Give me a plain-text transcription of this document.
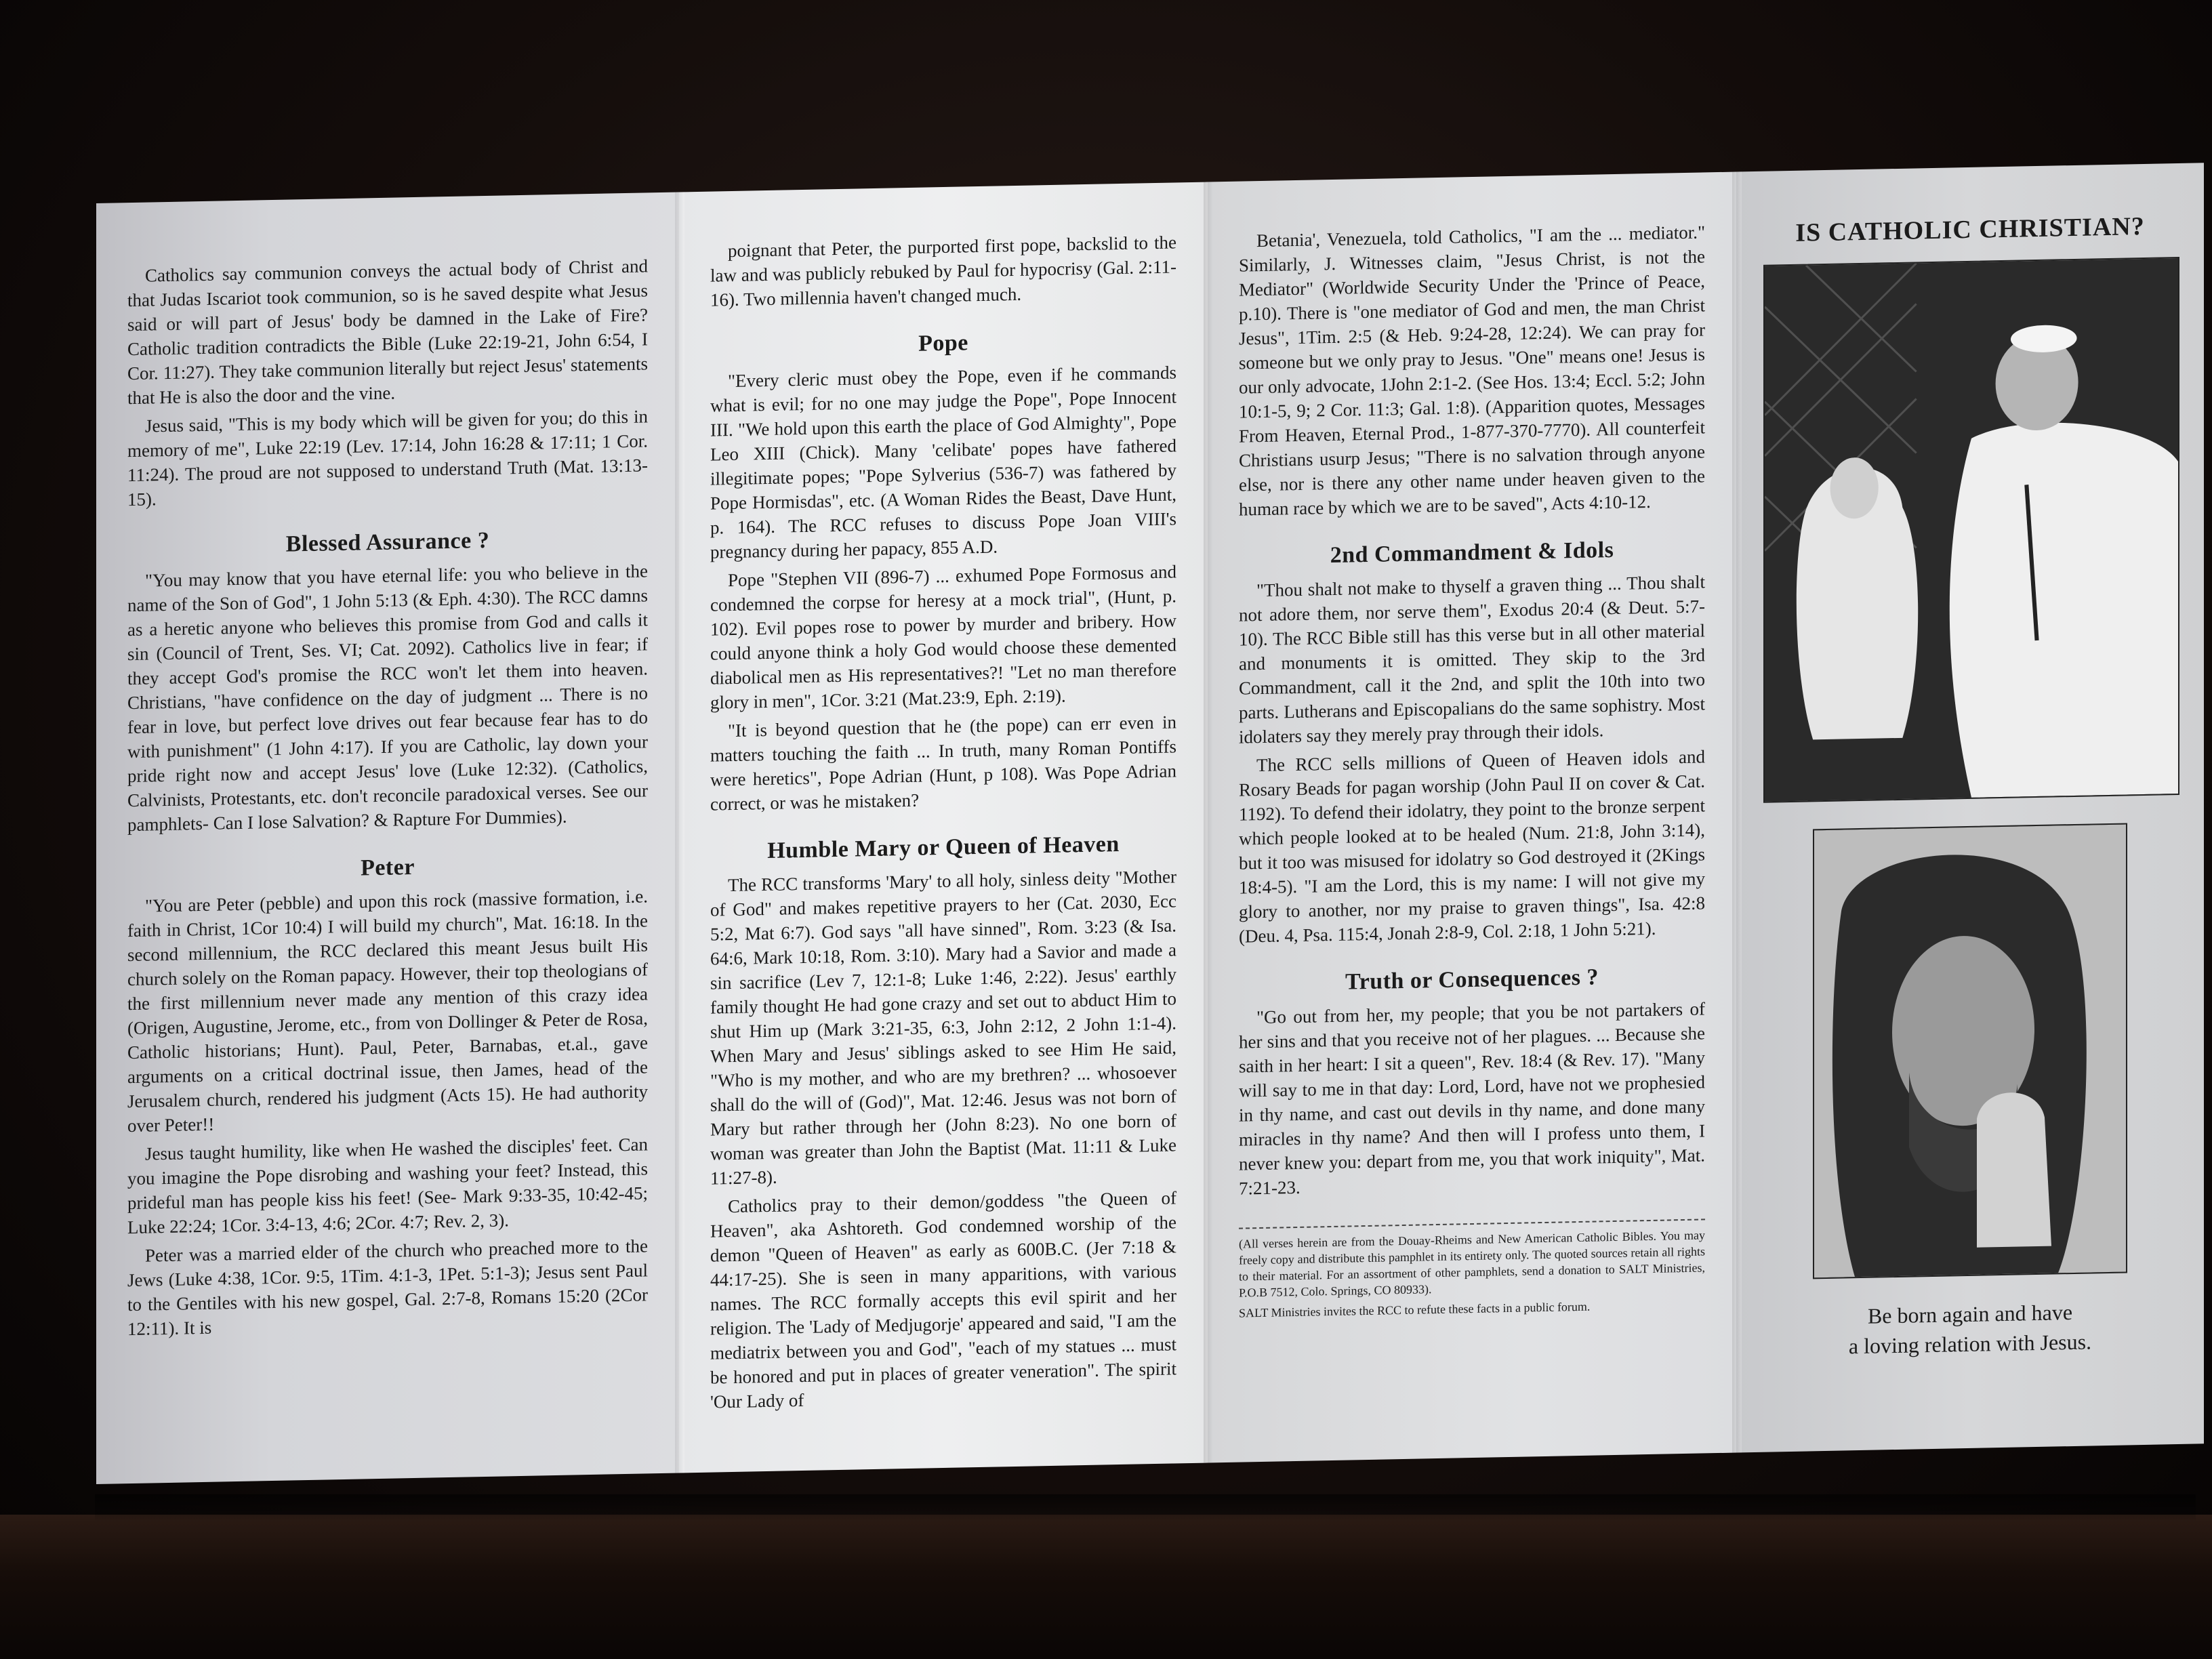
Catholics say communion conveys the actual body of Christ and that Judas Iscariot took communion, so is he saved despite what Jesus said or will part of Jesus' body be damned in the Lake of Fire? Catholic tradition contradicts the Bible (Luke 22:19-21, John 6:54, I Cor. 11:27). They take communion literally but reject Jesus' statements that He is also the door and the vine.

Jesus said, "This is my body which will be given for you; do this in memory of me", Luke 22:19 (Lev. 17:14, John 16:28 & 17:11; 1 Cor. 11:24). The proud are not supposed to understand Truth (Mat. 13:13-15).

Blessed Assurance ?

"You may know that you have eternal life: you who believe in the name of the Son of God", 1 John 5:13 (& Eph. 4:30). The RCC damns as a heretic anyone who believes this promise from God and calls it sin (Council of Trent, Ses. VI; Cat. 2092). Catholics live in fear; if they accept God's promise the RCC won't let them into heaven. Christians, "have confidence on the day of judgment ... There is no fear in love, but perfect love drives out fear because fear has to do with punishment" (1 John 4:17). If you are Catholic, lay down your pride right now and accept Jesus' love (Luke 12:32). (Catholics, Calvinists, Protestants, etc. don't reconcile paradoxical verses. See our pamphlets- Can I lose Salvation? & Rapture For Dummies).

Peter

"You are Peter (pebble) and upon this rock (massive formation, i.e. faith in Christ, 1Cor 10:4) I will build my church", Mat. 16:18. In the second millennium, the RCC declared this meant Jesus built His church solely on the Roman papacy. However, their top theologians of the first millennium never made any mention of this crazy idea (Origen, Augustine, Jerome, etc., from von Dollinger & Peter de Rosa, Catholic historians; Hunt). Paul, Peter, Barnabas, et.al., gave arguments on a critical doctrinal issue, then James, head of the Jerusalem church, rendered his judgment (Acts 15). He had authority over Peter!!

Jesus taught humility, like when He washed the disciples' feet. Can you imagine the Pope disrobing and washing your feet? Instead, this prideful man has people kiss his feet! (See- Mark 9:33-35, 10:42-45; Luke 22:24; 1Cor. 3:4-13, 4:6; 2Cor. 4:7; Rev. 2, 3).

Peter was a married elder of the church who preached more to the Jews (Luke 4:38, 1Cor. 9:5, 1Tim. 4:1-3, 1Pet. 5:1-3); Jesus sent Paul to the Gentiles with his new gospel, Gal. 2:7-8, Romans 15:20 (2Cor 12:11). It is

poignant that Peter, the purported first pope, backslid to the law and was publicly rebuked by Paul for hypocrisy (Gal. 2:11-16). Two millennia haven't changed much.

Pope

"Every cleric must obey the Pope, even if he commands what is evil; for no one may judge the Pope", Pope Innocent III. "We hold upon this earth the place of God Almighty", Pope Leo XIII (Chick). Many 'celibate' popes have fathered illegitimate popes; "Pope Sylverius (536-7) was fathered by Pope Hormisdas", etc. (A Woman Rides the Beast, Dave Hunt, p. 164). The RCC refuses to discuss Pope Joan VIII's pregnancy during her papacy, 855 A.D.

Pope "Stephen VII (896-7) ... exhumed Pope Formosus and condemned the corpse for heresy at a mock trial", (Hunt, p. 102). Evil popes rose to power by murder and bribery. How could anyone think a holy God would choose these demented diabolical men as His representatives?! "Let no man therefore glory in men", 1Cor. 3:21 (Mat.23:9, Eph. 2:19).

"It is beyond question that he (the pope) can err even in matters touching the faith ... In truth, many Roman Pontiffs were heretics", Pope Adrian (Hunt, p 108). Was Pope Adrian correct, or was he mistaken?

Humble Mary or Queen of Heaven

The RCC transforms 'Mary' to all holy, sinless deity "Mother of God" and makes repetitive prayers to her (Cat. 2030, Ecc 5:2, Mat 6:7). God says "all have sinned", Rom. 3:23 (& Isa. 64:6, Mark 10:18, Rom. 3:10). Mary had a Savior and made a sin sacrifice (Lev 7, 12:1-8; Luke 1:46, 2:22). Jesus' earthly family thought He had gone crazy and set out to abduct Him to shut Him up (Mark 3:21-35, 6:3, John 2:12, 2 John 1:1-4). When Mary and Jesus' siblings asked to see Him He said, "Who is my mother, and who are my brethren? ... whosoever shall do the will of (God)", Mat. 12:46. Jesus was not born of Mary but rather through her (John 8:23). No one born of woman was greater than John the Baptist (Mat. 11:11 & Luke 11:27-8).

Catholics pray to their demon/goddess "the Queen of Heaven", aka Ashtoreth. God condemned worship of the demon "Queen of Heaven" as early as 600B.C. (Jer 7:18 & 44:17-25). She is seen in many apparitions, with various names. The RCC formally accepts this evil spirit and her religion. The 'Lady of Medjugorje' appeared and said, "I am the mediatrix between you and God", "each of my statues ... must be honored and put in places of greater veneration". The spirit 'Our Lady of

Betania', Venezuela, told Catholics, "I am the ... mediator." Similarly, J. Witnesses claim, "Jesus Christ, is not the Mediator" (Worldwide Security Under the 'Prince of Peace, p.10). There is "one mediator of God and men, the man Christ Jesus", 1Tim. 2:5 (& Heb. 9:24-28, 12:24). We can pray for someone but we only pray to Jesus. "One" means one! Jesus is our only advocate, 1John 2:1-2. (See Hos. 13:4; Eccl. 5:2; John 10:1-5, 9; 2 Cor. 11:3; Gal. 1:8). (Apparition quotes, Messages From Heaven, Eternal Prod., 1-877-370-7770). All counterfeit Christians usurp Jesus; "There is no salvation through anyone else, nor is there any other name under heaven given to the human race by which we are to be saved", Acts 4:10-12.

2nd Commandment & Idols

"Thou shalt not make to thyself a graven thing ... Thou shalt not adore them, nor serve them", Exodus 20:4 (& Deut. 5:7-10). The RCC Bible still has this verse but in all other material and monuments it is omitted. They skip to the 3rd Commandment, call it the 2nd, and split the 10th into two parts. Lutherans and Episcopalians do the same sophistry. Most idolaters say they merely pray through their idols.

The RCC sells millions of Queen of Heaven idols and Rosary Beads for pagan worship (John Paul II on cover & Cat. 1192). To defend their idolatry, they point to the bronze serpent which people looked at to be healed (Num. 21:8, John 3:14), but it too was misused for idolatry so God destroyed it (2Kings 18:4-5). "I am the Lord, this is my name: I will not give my glory to another, nor my praise to graven things", Isa. 42:8 (Deu. 4, Psa. 115:4, Jonah 2:8-9, Col. 2:18, 1 John 5:21).

Truth or Consequences ?

"Go out from her, my people; that you be not partakers of her sins and that you receive not of her plagues. ... Because she saith in her heart: I sit a queen", Rev. 18:4 (& Rev. 17). "Many will say to me in that day: Lord, Lord, have not we prophesied in thy name, and cast out devils in thy name, and done many miracles in thy name? And then will I profess unto them, I never knew you: depart from me, you that work iniquity", Mat. 7:21-23.

(All verses herein are from the Douay-Rheims and New American Catholic Bibles. You may freely copy and distribute this pamphlet in its entirety only. The quoted sources retain all rights to their material. For an assortment of other pamphlets, send a donation to SALT Ministries, P.O.B 7512, Colo. Springs, CO 80933).

SALT Ministries invites the RCC to refute these facts in a public forum.

IS CATHOLIC CHRISTIAN?
Be born again and have
a loving relation with Jesus.
